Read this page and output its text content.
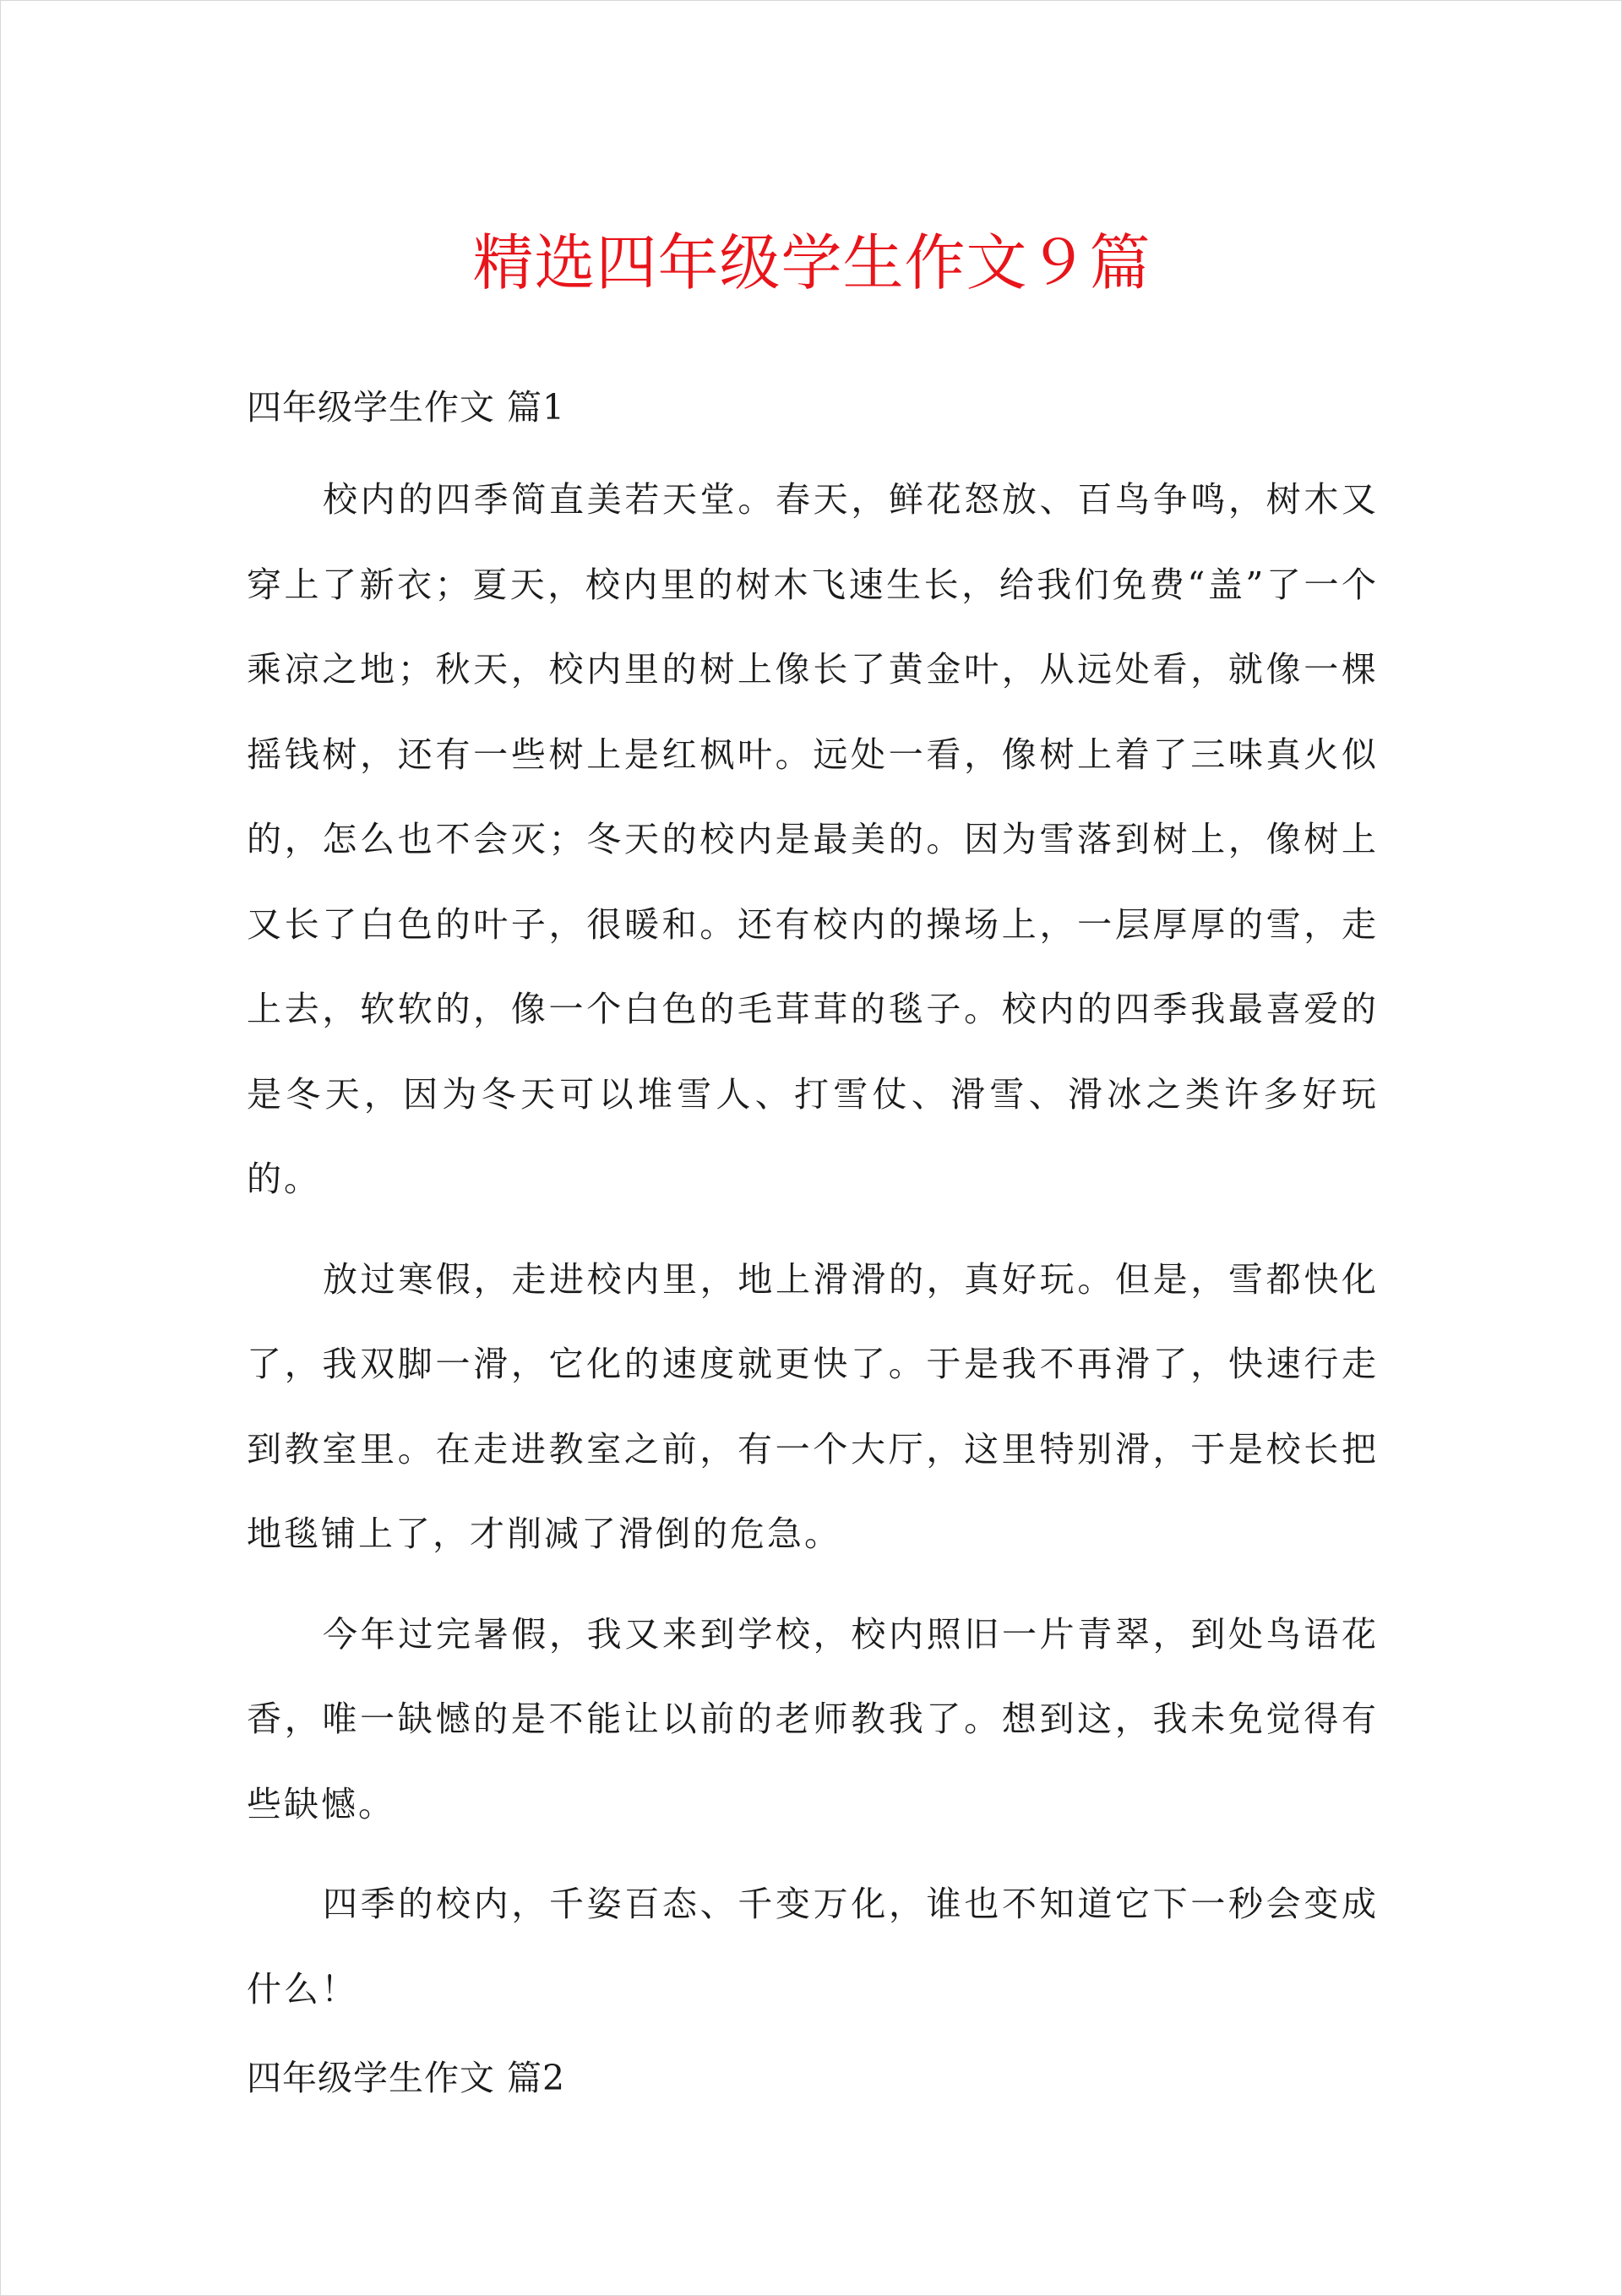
精选四年级学生作文９篇
四年级学生作文 篇1

校内的四季简直美若天堂。春天，鲜花怒放、百鸟争鸣，树木又穿上了新衣；夏天，校内里的树木飞速生长，给我们免费“盖”了一个乘凉之地；秋天，校内里的树上像长了黄金叶，从远处看，就像一棵摇钱树，还有一些树上是红枫叶。远处一看，像树上着了三味真火似的，怎么也不会灭；冬天的校内是最美的。因为雪落到树上，像树上又长了白色的叶子，很暖和。还有校内的操场上，一层厚厚的雪，走上去，软软的，像一个白色的毛茸茸的毯子。校内的四季我最喜爱的是冬天，因为冬天可以堆雪人、打雪仗、滑雪、滑冰之类许多好玩的。

放过寒假，走进校内里，地上滑滑的，真好玩。但是，雪都快化了，我双脚一滑，它化的速度就更快了。于是我不再滑了，快速行走到教室里。在走进教室之前，有一个大厅，这里特别滑，于是校长把地毯铺上了，才削减了滑倒的危急。

今年过完暑假，我又来到学校，校内照旧一片青翠，到处鸟语花香，唯一缺憾的是不能让以前的老师教我了。想到这，我未免觉得有些缺憾。

四季的校内，千姿百态、千变万化，谁也不知道它下一秒会变成什么！

四年级学生作文 篇2
